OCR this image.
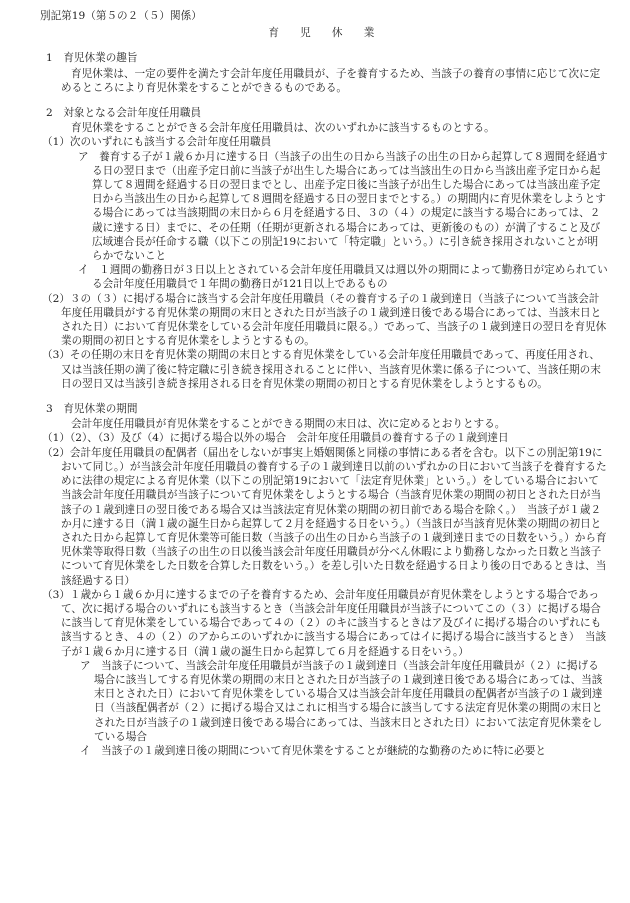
別記第19（第５の２（５）関係）

育　児　休　業

1　育児休業の趣旨

育児休業は、一定の要件を満たす会計年度任用職員が、子を養育するため、当該子の養育の事情に応じて次に定めるところにより育児休業をすることができるものである。

2　対象となる会計年度任用職員

育児休業をすることができる会計年度任用職員は、次のいずれかに該当するものとする。

（1）次のいずれにも該当する会計年度任用職員

ア　養育する子が１歳６か月に達する日（当該子の出生の日から当該子の出生の日から起算して８週間を経過する日の翌日まで（出産予定日前に当該子が出生した場合にあっては当該出生の日から当該出産予定日から起算して８週間を経過する日の翌日までとし、出産予定日後に当該子が出生した場合にあっては当該出産予定日から当該出生の日から起算して８週間を経過する日の翌日までとする。）の期間内に育児休業をしようとする場合にあっては当該期間の末日から６月を経過する日、３の（４）の規定に該当する場合にあっては、２歳に達する日）までに、その任期（任期が更新される場合にあっては、更新後のもの）が満了すること及び広域連合長が任命する職（以下この別記19において「特定職」という。）に引き続き採用されないことが明らかでないこと

イ　１週間の勤務日が３日以上とされている会計年度任用職員又は週以外の期間によって勤務日が定められている会計年度任用職員で１年間の勤務日が121日以上であるもの

（2）３の（３）に掲げる場合に該当する会計年度任用職員（その養育する子の１歳到達日（当該子について当該会計年度任用職員がする育児休業の期間の末日とされた日が当該子の１歳到達日後である場合にあっては、当該末日とされた日）において育児休業をしている会計年度任用職員に限る。）であって、当該子の１歳到達日の翌日を育児休業の期間の初日とする育児休業をしようとするもの。

（3）その任期の末日を育児休業の期間の末日とする育児休業をしている会計年度任用職員であって、再度任用され、又は当該任期の満了後に特定職に引き続き採用されることに伴い、当該育児休業に係る子について、当該任期の末日の翌日又は当該引き続き採用される日を育児休業の期間の初日とする育児休業をしようとするもの。

3　育児休業の期間

会計年度任用職員が育児休業をすることができる期間の末日は、次に定めるとおりとする。

（1）（2）、（3）及び（4）に掲げる場合以外の場合　会計年度任用職員の養育する子の１歳到達日

（2）会計年度任用職員の配偶者（届出をしないが事実上婚姻関係と同様の事情にある者を含む。以下この別記第19において同じ。）が当該会計年度任用職員の養育する子の１歳到達日以前のいずれかの日において当該子を養育するために法律の規定による育児休業（以下この別記第19において「法定育児休業」という。）をしている場合において当該会計年度任用職員が当該子について育児休業をしようとする場合（当該育児休業の期間の初日とされた日が当該子の１歳到達日の翌日後である場合又は当該法定育児休業の期間の初日前である場合を除く。）　当該子が１歳２か月に達する日（満１歳の誕生日から起算して２月を経過する日をいう。）（当該日が当該育児休業の期間の初日とされた日から起算して育児休業等可能日数（当該子の出生の日から当該子の１歳到達日までの日数をいう。）から育児休業等取得日数（当該子の出生の日以後当該会計年度任用職員が分べん休暇により勤務しなかった日数と当該子について育児休業をした日数を合算した日数をいう。）を差し引いた日数を経過する日より後の日であるときは、当該経過する日）

（3）１歳から１歳６か月に達するまでの子を養育するため、会計年度任用職員が育児休業をしようとする場合であって、次に掲げる場合のいずれにも該当するとき（当該会計年度任用職員が当該子についてこの（３）に掲げる場合に該当して育児休業をしている場合であって４の（２）のキに該当するときはア及びイに掲げる場合のいずれにも該当するとき、４の（２）のアからエのいずれかに該当する場合にあってはイに掲げる場合に該当するとき）　当該子が１歳６か月に達する日（満１歳の誕生日から起算して６月を経過する日をいう。）

ア　当該子について、当該会計年度任用職員が当該子の１歳到達日（当該会計年度任用職員が（２）に掲げる場合に該当してする育児休業の期間の末日とされた日が当該子の１歳到達日後である場合にあっては、当該末日とされた日）において育児休業をしている場合又は当該会計年度任用職員の配偶者が当該子の１歳到達日（当該配偶者が（２）に掲げる場合又はこれに相当する場合に該当してする法定育児休業の期間の末日とされた日が当該子の１歳到達日後である場合にあっては、当該末日とされた日）において法定育児休業をしている場合

イ　当該子の１歳到達日後の期間について育児休業をすることが継続的な勤務のために特に必要と
